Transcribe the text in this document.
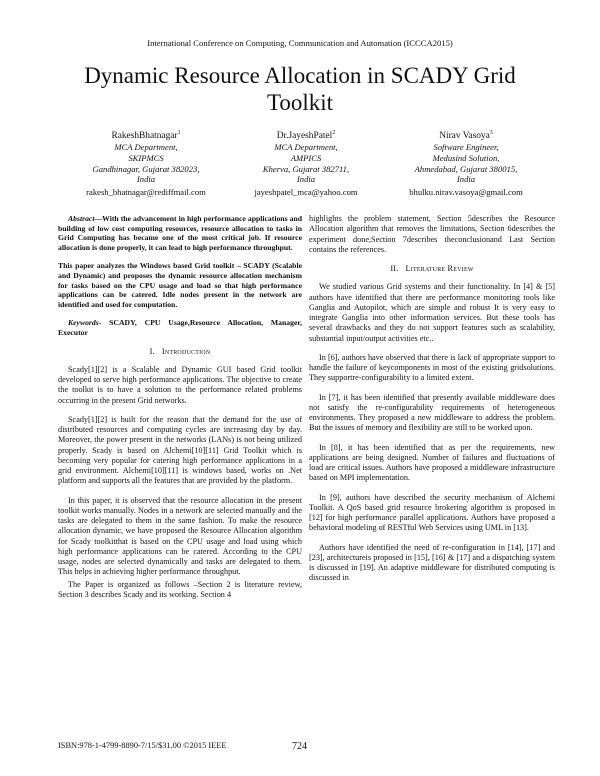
International Conference on Computing, Communication and Automation (ICCCA2015)
Dynamic Resource Allocation in SCADY Grid Toolkit
RakeshBhatnagar$^1$
MCA Department,
SKIPMCS
Gandhinagar, Gujarat 382023,
India
rakesh_bhatnagar@rediffmail.com
Dr.JayeshPatel$^2$
MCA Department,
AMPICS
Kherva, Gujarat 382711,
India
jayeshpatel_mca@yahoo.com
Nirav Vasoya$^3$
Software Engineer,
Medusind Solution,
Ahmedabad, Gujarat 380015,
India
bhulku.nirav.vasoya@gmail.com

Abstract—With the advancement in high performance applications and building of low cost computing resources, resource allocation to tasks in Grid Computing has became one of the most critical job. If resource allocation is done properly, it can lead to high performance throughput.

This paper analyzes the Windows based Grid toolkit – SCADY (Scalable and Dynamic) and proposes the dynamic resource allocation mechanism for tasks based on the CPU usage and load so that high performance applications can be catered. Idle nodes present in the network are identified and used for computation.

Keywords- SCADY, CPU Usage,Resource Allocation, Manager, Executor

I. Introduction

Scady[1][2] is a Scalable and Dynamic GUI based Grid toolkit developed to serve high performance applications. The objective to create the toolkit is to have a solution to the performance related problems occurring in the present Grid networks.

Scady[1][2] is built for the reason that the demand for the use of distributed resources and computing cycles are increasing day by day. Moreover, the power present in the networks (LANs) is not being utilized properly. Scady is based on Alchemi[10][11] Grid Toolkit which is becoming very popular for catering high performance applications in a grid environment. Alchemi[10][11] is windows based, works on .Net platform and supports all the features that are provided by the platform.

In this paper, it is observed that the resource allocation in the present toolkit works manually. Nodes in a network are selected manually and the tasks are delegated to them in the same fashion. To make the resource allocation dynamic, we have proposed the Resource Allocation algorithm for Scady toolkitthat is based on the CPU usage and load using which high performance applications can be catered. According to the CPU usage, nodes are selected dynamically and tasks are delegated to them. This helps in achieving higher performance throughput.

The Paper is organized as follows –Section 2 is literature review, Section 3 describes Scady and its working. Section 4

highlights the problem statement, Section 5describes the Resource Allocation algorithm that removes the limitations, Section 6describes the experiment done,Section 7describes theconclusionand Last Section contains the references.

II. Literature Review

We studied various Grid systems and their functionality. In [4] & [5] authors have identified that there are performance monitoring tools like Ganglia and Autopilot, which are simple and robust It is very easy to integrate Ganglia into other information services. But these tools has several drawbacks and they do not support features such as scalability, substantial input/output activities etc..

In [6], authors have observed that there is lack of appropriate support to handle the failure of keycomponents in most of the existing gridsolutions. They supportre-configurability to a limited extent.

In [7], it has been identified that presently available middleware does not satisfy the re-configurability requirements of heterogeneous environments. They proposed a new middleware to address the problem. But the issues of memory and flexibility are still to be worked upon.

In [8], it has been identified that as per the requirements, new applications are being designed. Number of failures and fluctuations of load are critical issues. Authors have proposed a middleware infrastructure based on MPI implementation.

In [9], authors have described the security mechanism of Alchemi Toolkit. A QoS based grid resource brokering algorithm is proposed in [12] for high performance parallel applications. Authors have proposed a behavioral modeling of RESTful Web Services using UML in [13].

Authors have identified the need of re-configuration in [14], [17] and [23], architectureis proposed in [15], [16] & [17] and a dispatching system is discussed in [19]. An adaptive middleware for distributed computing is discussed in

ISBN:978-1-4799-8890-7/15/$31.00 ©2015 IEEE	724
